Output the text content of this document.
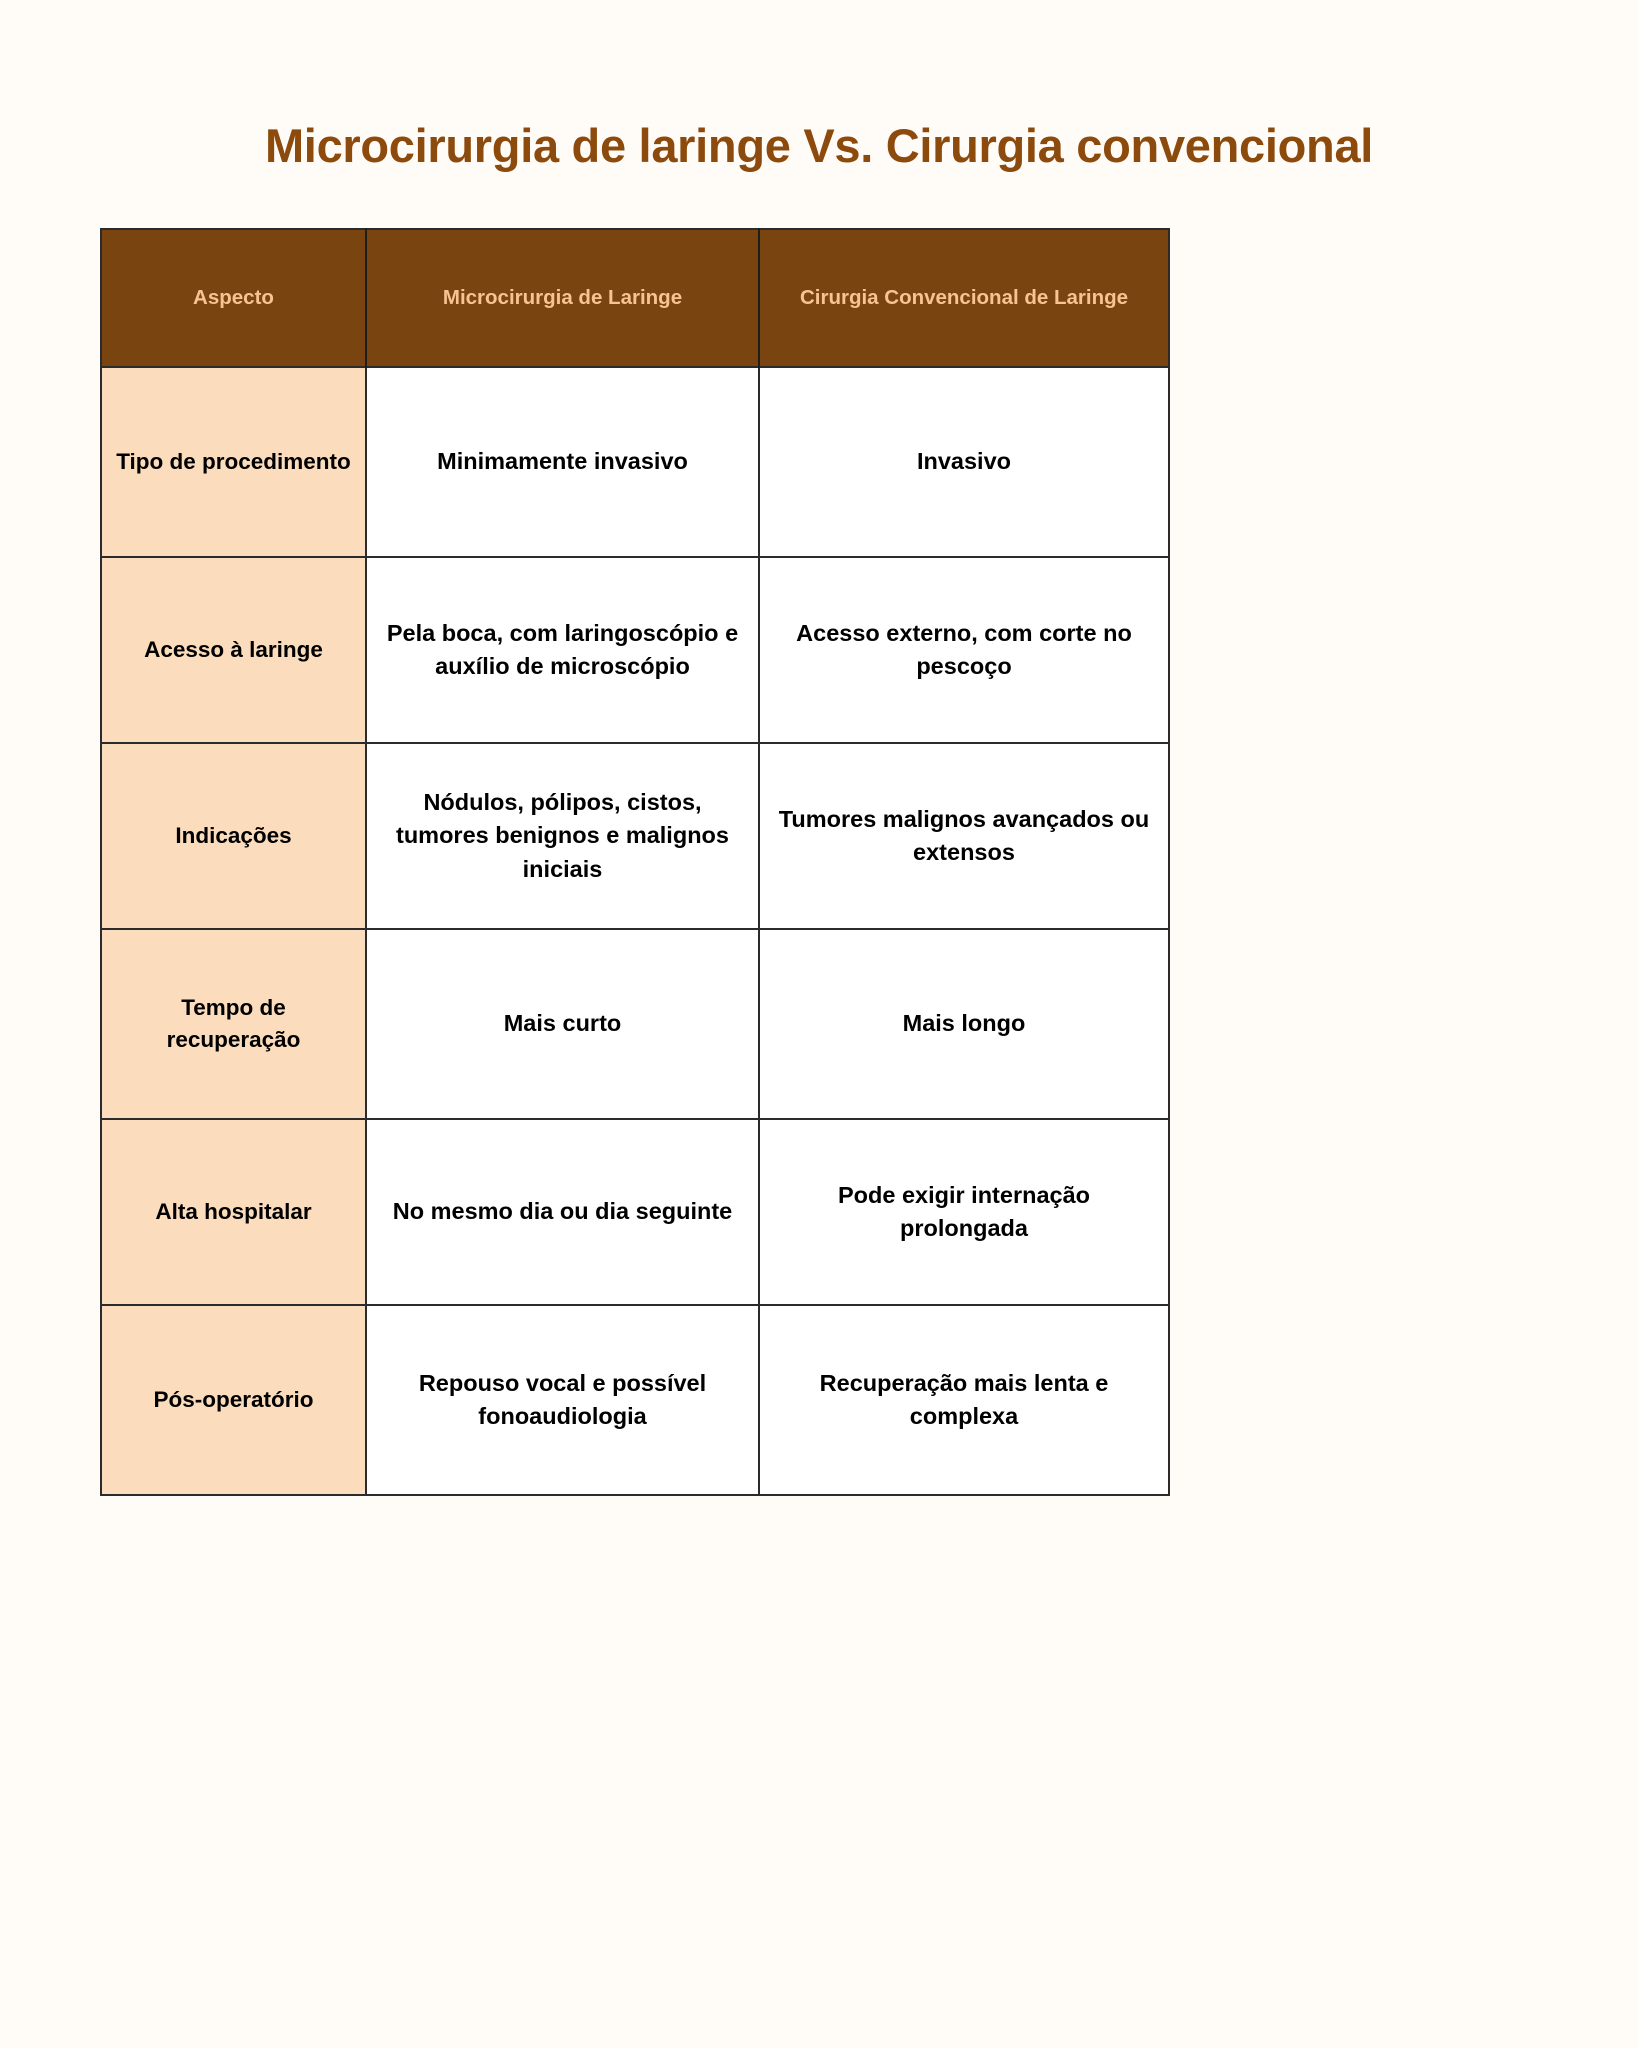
Microcirurgia de laringe Vs. Cirurgia convencional
Aspecto	Microcirurgia de Laringe	Cirurgia Convencional de Laringe
Tipo de procedimento	Minimamente invasivo	Invasivo
Acesso à laringe	Pela boca, com laringoscópio e auxílio de microscópio	Acesso externo, com corte no pescoço
Indicações	Nódulos, pólipos, cistos, tumores benignos e malignos iniciais	Tumores malignos avançados ou extensos
Tempo de recuperação	Mais curto	Mais longo
Alta hospitalar	No mesmo dia ou dia seguinte	Pode exigir internação prolongada
Pós-operatório	Repouso vocal e possível fonoaudiologia	Recuperação mais lenta e complexa
